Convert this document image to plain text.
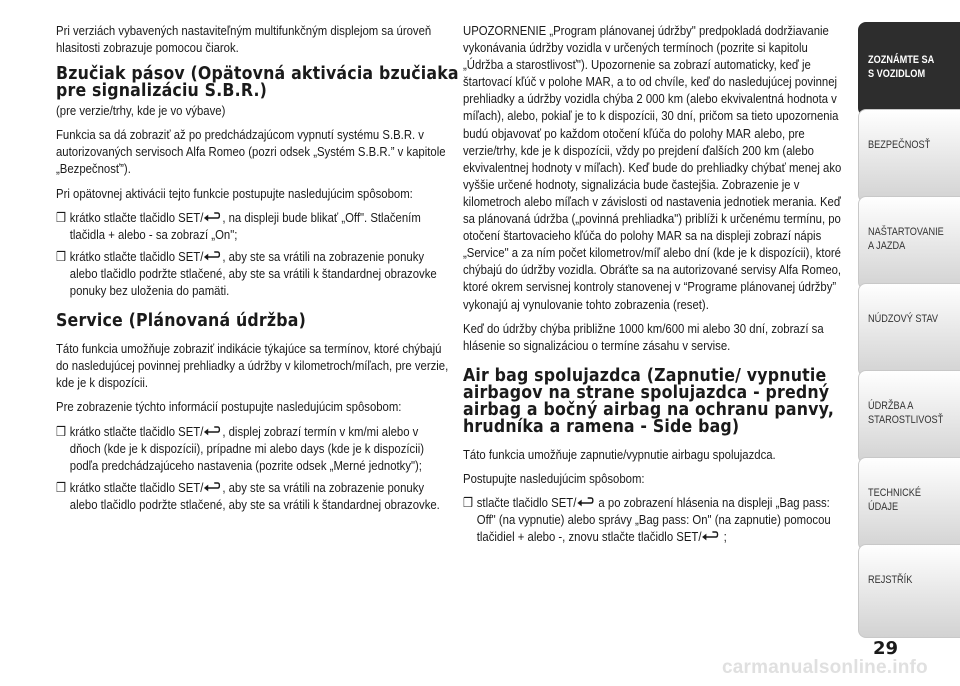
Pri verziách vybavených nastaviteľným multifunkčným displejom sa úroveň hlasitosti zobrazuje pomocou čiarok.

Bzučiak pásov (Opätovná aktivácia bzučiaka pre signalizáciu S.B.R.)

(pre verzie/trhy, kde je vo výbave)

Funkcia sa dá zobraziť až po predchádzajúcom vypnutí systému S.B.R. v autorizovaných servisoch Alfa Romeo (pozri odsek „Systém S.B.R.” v kapitole „Bezpečnosť”).

Pri opätovnej aktivácii tejto funkcie postupujte nasledujúcim spôsobom:

❒ krátko stlačte tlačidlo SET/ , na displeji bude blikať „Off". Stlačením tlačidla + alebo - sa zobrazí „On";
❒ krátko stlačte tlačidlo SET/ , aby ste sa vrátili na zobrazenie ponuky alebo tlačidlo podržte stlačené, aby ste sa vrátili k štandardnej obrazovke ponuky bez uloženia do pamäti.
Service (Plánovaná údržba)

Táto funkcia umožňuje zobraziť indikácie týkajúce sa termínov, ktoré chýbajú do nasledujúcej povinnej prehliadky a údržby v kilometroch/míľach, pre verzie, kde je k dispozícii.

Pre zobrazenie týchto informácií postupujte nasledujúcim spôsobom:

❒ krátko stlačte tlačidlo SET/ , displej zobrazí termín v km/mi alebo v dňoch (kde je k dispozícii), prípadne mi alebo days (kde je k dispozícii) podľa predchádzajúceho nastavenia (pozrite odsek „Merné jednotky");
❒ krátko stlačte tlačidlo SET/ , aby ste sa vrátili na zobrazenie ponuky alebo tlačidlo podržte stlačené, aby ste sa vrátili k štandardnej obrazovke.

UPOZORNENIE „Program plánovanej údržby" predpokladá dodržiavanie vykonávania údržby vozidla v určených termínoch (pozrite si kapitolu „Údržba a starostlivosť"). Upozornenie sa zobrazí automaticky, keď je štartovací kľúč v polohe MAR, a to od chvíle, keď do nasledujúcej povinnej prehliadky a údržby vozidla chýba 2 000 km (alebo ekvivalentná hodnota v míľach), alebo, pokiaľ je to k dispozícii, 30 dní, pričom sa tieto upozornenia budú objavovať po každom otočení kľúča do polohy MAR alebo, pre verzie/trhy, kde je k dispozícii, vždy po prejdení ďalších 200 km (alebo ekvivalentnej hodnoty v míľach). Keď bude do prehliadky chýbať menej ako vyššie určené hodnoty, signalizácia bude častejšia. Zobrazenie je v kilometroch alebo míľach v závislosti od nastavenia jednotiek merania. Keď sa plánovaná údržba („povinná prehliadka") priblíži k určenému termínu, po otočení štartovacieho kľúča do polohy MAR sa na displeji zobrazí nápis „Service" a za ním počet kilometrov/míľ alebo dní (kde je k dispozícii), ktoré chýbajú do údržby vozidla. Obráťte sa na autorizované servisy Alfa Romeo, ktoré okrem servisnej kontroly stanovenej v “Programe plánovanej údržby” vykonajú aj vynulovanie tohto zobrazenia (reset).

Keď do údržby chýba približne 1000 km/600 mi alebo 30 dní, zobrazí sa hlásenie so signalizáciou o termíne zásahu v servise.

Air bag spolujazdca (Zapnutie/ vypnutie airbagov na strane spolujazdca - predný airbag a bočný airbag na ochranu panvy, hrudníka a ramena - Side bag)

Táto funkcia umožňuje zapnutie/vypnutie airbagu spolujazdca.

Postupujte nasledujúcim spôsobom:

❒ stlačte tlačidlo SET/
a po zobrazení hlásenia na displeji „Bag pass: Off" (na vypnutie) alebo správy „Bag pass: On" (na zapnutie) pomocou tlačidiel + alebo -, znovu stlačte tlačidlo SET/
;
ZOZNÁMTE SA S VOZIDLOM
BEZPEČNOSŤ
NAŠTARTOVANIE A JAZDA
NÚDZOVÝ STAV
ÚDRŽBA A STAROSTLIVOSŤ
TECHNICKÉ ÚDAJE
REJSTŘÍK
29
carmanualsonline.info
